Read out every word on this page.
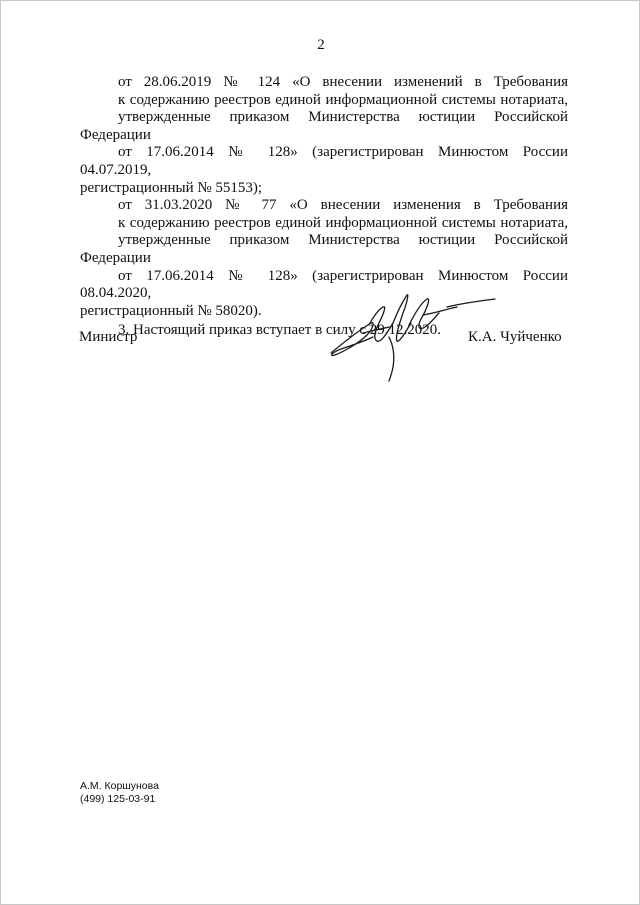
2
от 28.06.2019 № 124 «О внесении изменений в Требования
к содержанию реестров единой информационной системы нотариата,
утвержденные приказом Министерства юстиции Российской Федерации
от 17.06.2014 № 128» (зарегистрирован Минюстом России 04.07.2019,
регистрационный № 55153);
от 31.03.2020 № 77 «О внесении изменения в Требования
к содержанию реестров единой информационной системы нотариата,
утвержденные приказом Министерства юстиции Российской Федерации
от 17.06.2014 № 128» (зарегистрирован Минюстом России 08.04.2020,
регистрационный № 58020).
3. Настоящий приказ вступает в силу с 29.12.2020.
Министр	К.А. Чуйченко
А.М. Коршунова
(499) 125-03-91
